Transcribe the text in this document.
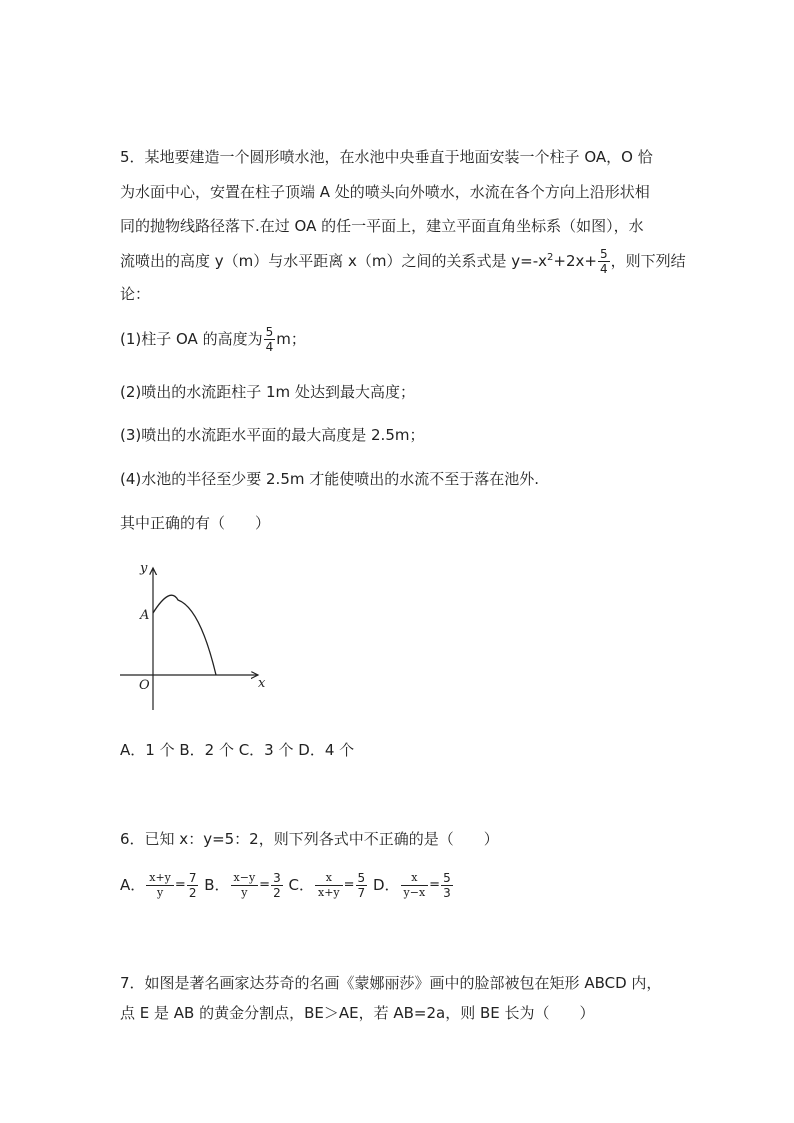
5．某地要建造一个圆形喷水池，在水池中央垂直于地面安装一个柱子 OA，O 恰
为水面中心，安置在柱子顶端 A 处的喷头向外喷水，水流在各个方向上沿形状相
同的抛物线路径落下.在过 OA 的任一平面上，建立平面直角坐标系（如图），水
流喷出的高度 y（m）与水平距离 x（m）之间的关系式是 $y=-x^2+2x+ \frac{5}{4}$ ，则下列结
论：
(1)柱子 OA 的高度为 $\frac{5}{4}$ m；
(2)喷出的水流距柱子 1m 处达到最大高度；
(3)喷出的水流距水平面的最大高度是 2.5m；
(4)水池的半径至少要 2.5m 才能使喷出的水流不至于落在池外.
其中正确的有（　　）
y
x
A
O
A．1 个 B．2 个 C．3 个 D．4 个
6．已知 x：y=5：2，则下列各式中不正确的是（　　）
A． $\frac{x+y}{y} = \frac{7}{2}$ B． $\frac{x-y}{y} = \frac{3}{2}$ C． $\frac{x}{x+y} = \frac{5}{7}$ D． $\frac{x}{y-x} = \frac{5}{3}$
7．如图是著名画家达芬奇的名画《蒙娜丽莎》画中的脸部被包在矩形 ABCD 内，
点 E 是 AB 的黄金分割点，BE＞AE，若 AB=2a，则 BE 长为（　　）
